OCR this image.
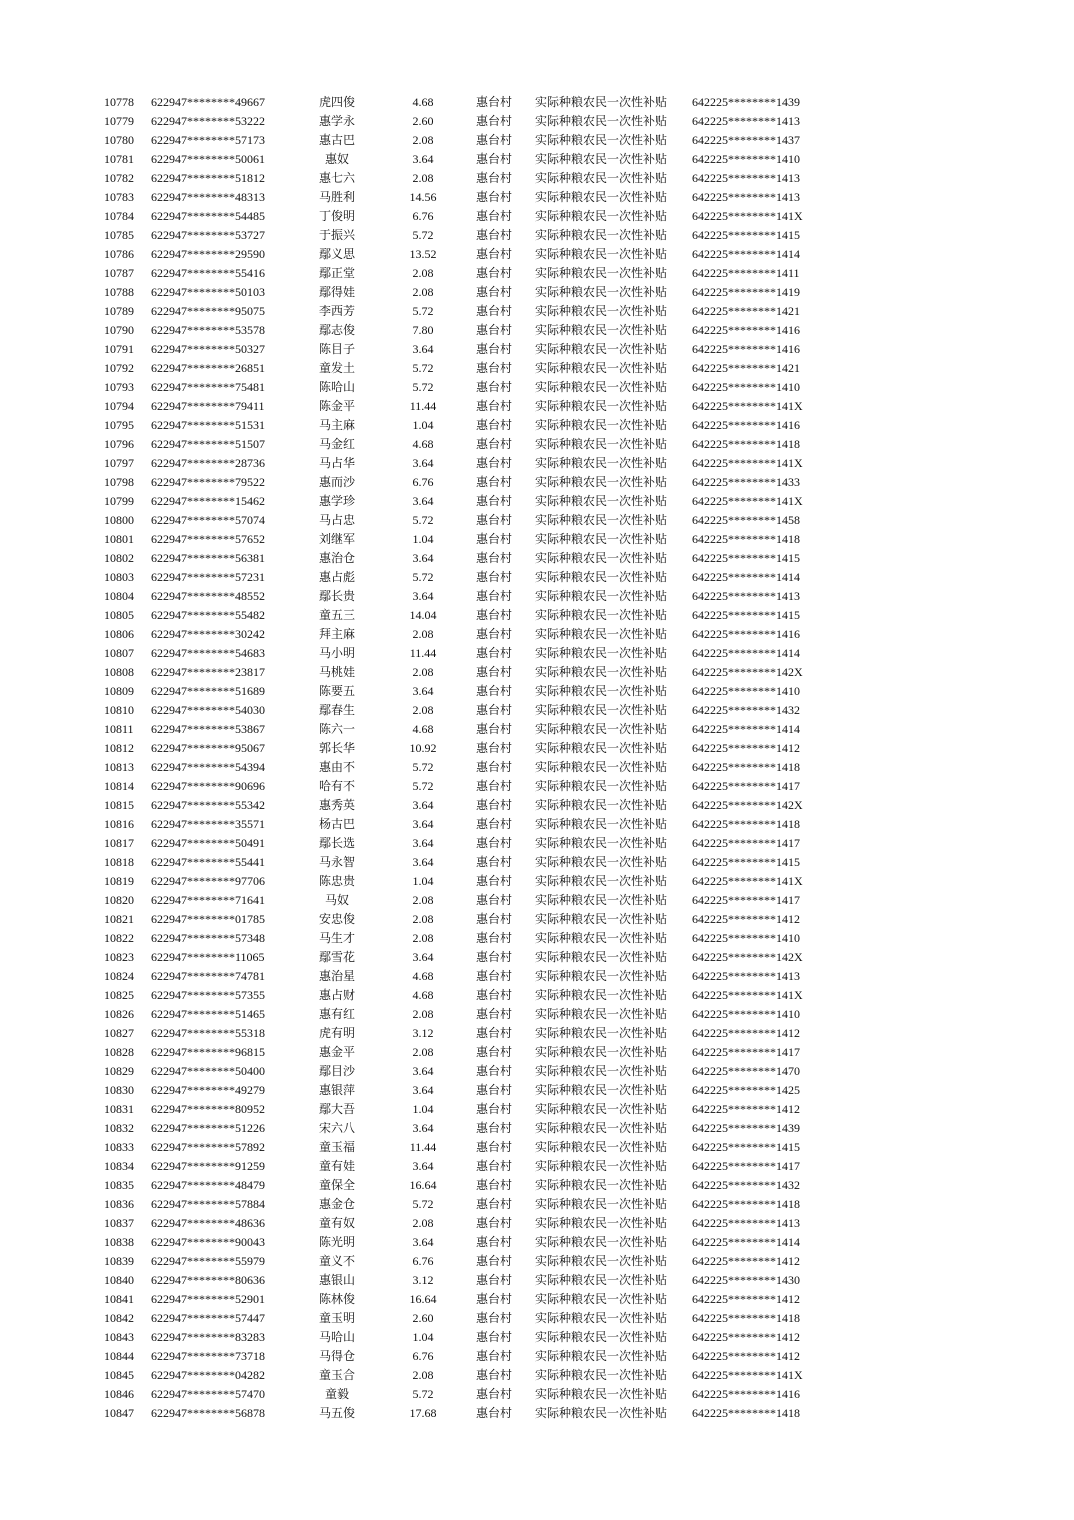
10778	622947********49667	虎四俊	4.68	惠台村	实际种粮农民一次性补贴	642225********1439
10779	622947********53222	惠学永	2.60	惠台村	实际种粮农民一次性补贴	642225********1413
10780	622947********57173	惠古巴	2.08	惠台村	实际种粮农民一次性补贴	642225********1437
10781	622947********50061	惠奴	3.64	惠台村	实际种粮农民一次性补贴	642225********1410
10782	622947********51812	惠七六	2.08	惠台村	实际种粮农民一次性补贴	642225********1413
10783	622947********48313	马胜利	14.56	惠台村	实际种粮农民一次性补贴	642225********1413
10784	622947********54485	丁俊明	6.76	惠台村	实际种粮农民一次性补贴	642225********141X
10785	622947********53727	于振兴	5.72	惠台村	实际种粮农民一次性补贴	642225********1415
10786	622947********29590	鄢义思	13.52	惠台村	实际种粮农民一次性补贴	642225********1414
10787	622947********55416	鄢正堂	2.08	惠台村	实际种粮农民一次性补贴	642225********1411
10788	622947********50103	鄢得娃	2.08	惠台村	实际种粮农民一次性补贴	642225********1419
10789	622947********95075	李西芳	5.72	惠台村	实际种粮农民一次性补贴	642225********1421
10790	622947********53578	鄢志俊	7.80	惠台村	实际种粮农民一次性补贴	642225********1416
10791	622947********50327	陈目子	3.64	惠台村	实际种粮农民一次性补贴	642225********1416
10792	622947********26851	童发土	5.72	惠台村	实际种粮农民一次性补贴	642225********1421
10793	622947********75481	陈哈山	5.72	惠台村	实际种粮农民一次性补贴	642225********1410
10794	622947********79411	陈金平	11.44	惠台村	实际种粮农民一次性补贴	642225********141X
10795	622947********51531	马主麻	1.04	惠台村	实际种粮农民一次性补贴	642225********1416
10796	622947********51507	马金红	4.68	惠台村	实际种粮农民一次性补贴	642225********1418
10797	622947********28736	马占华	3.64	惠台村	实际种粮农民一次性补贴	642225********141X
10798	622947********79522	惠而沙	6.76	惠台村	实际种粮农民一次性补贴	642225********1433
10799	622947********15462	惠学珍	3.64	惠台村	实际种粮农民一次性补贴	642225********141X
10800	622947********57074	马占忠	5.72	惠台村	实际种粮农民一次性补贴	642225********1458
10801	622947********57652	刘继军	1.04	惠台村	实际种粮农民一次性补贴	642225********1418
10802	622947********56381	惠治仓	3.64	惠台村	实际种粮农民一次性补贴	642225********1415
10803	622947********57231	惠占彪	5.72	惠台村	实际种粮农民一次性补贴	642225********1414
10804	622947********48552	鄢长贵	3.64	惠台村	实际种粮农民一次性补贴	642225********1413
10805	622947********55482	童五三	14.04	惠台村	实际种粮农民一次性补贴	642225********1415
10806	622947********30242	拜主麻	2.08	惠台村	实际种粮农民一次性补贴	642225********1416
10807	622947********54683	马小明	11.44	惠台村	实际种粮农民一次性补贴	642225********1414
10808	622947********23817	马桃娃	2.08	惠台村	实际种粮农民一次性补贴	642225********142X
10809	622947********51689	陈要五	3.64	惠台村	实际种粮农民一次性补贴	642225********1410
10810	622947********54030	鄢春生	2.08	惠台村	实际种粮农民一次性补贴	642225********1432
10811	622947********53867	陈六一	4.68	惠台村	实际种粮农民一次性补贴	642225********1414
10812	622947********95067	郭长华	10.92	惠台村	实际种粮农民一次性补贴	642225********1412
10813	622947********54394	惠由不	5.72	惠台村	实际种粮农民一次性补贴	642225********1418
10814	622947********90696	哈有不	5.72	惠台村	实际种粮农民一次性补贴	642225********1417
10815	622947********55342	惠秀英	3.64	惠台村	实际种粮农民一次性补贴	642225********142X
10816	622947********35571	杨古巴	3.64	惠台村	实际种粮农民一次性补贴	642225********1418
10817	622947********50491	鄢长选	3.64	惠台村	实际种粮农民一次性补贴	642225********1417
10818	622947********55441	马永智	3.64	惠台村	实际种粮农民一次性补贴	642225********1415
10819	622947********97706	陈忠贵	1.04	惠台村	实际种粮农民一次性补贴	642225********141X
10820	622947********71641	马奴	2.08	惠台村	实际种粮农民一次性补贴	642225********1417
10821	622947********01785	安忠俊	2.08	惠台村	实际种粮农民一次性补贴	642225********1412
10822	622947********57348	马生才	2.08	惠台村	实际种粮农民一次性补贴	642225********1410
10823	622947********11065	鄢雪花	3.64	惠台村	实际种粮农民一次性补贴	642225********142X
10824	622947********74781	惠治星	4.68	惠台村	实际种粮农民一次性补贴	642225********1413
10825	622947********57355	惠占财	4.68	惠台村	实际种粮农民一次性补贴	642225********141X
10826	622947********51465	惠有红	2.08	惠台村	实际种粮农民一次性补贴	642225********1410
10827	622947********55318	虎有明	3.12	惠台村	实际种粮农民一次性补贴	642225********1412
10828	622947********96815	惠金平	2.08	惠台村	实际种粮农民一次性补贴	642225********1417
10829	622947********50400	鄢目沙	3.64	惠台村	实际种粮农民一次性补贴	642225********1470
10830	622947********49279	惠银萍	3.64	惠台村	实际种粮农民一次性补贴	642225********1425
10831	622947********80952	鄢大吾	1.04	惠台村	实际种粮农民一次性补贴	642225********1412
10832	622947********51226	宋六八	3.64	惠台村	实际种粮农民一次性补贴	642225********1439
10833	622947********57892	童玉福	11.44	惠台村	实际种粮农民一次性补贴	642225********1415
10834	622947********91259	童有娃	3.64	惠台村	实际种粮农民一次性补贴	642225********1417
10835	622947********48479	童保全	16.64	惠台村	实际种粮农民一次性补贴	642225********1432
10836	622947********57884	惠金仓	5.72	惠台村	实际种粮农民一次性补贴	642225********1418
10837	622947********48636	童有奴	2.08	惠台村	实际种粮农民一次性补贴	642225********1413
10838	622947********90043	陈光明	3.64	惠台村	实际种粮农民一次性补贴	642225********1414
10839	622947********55979	童义不	6.76	惠台村	实际种粮农民一次性补贴	642225********1412
10840	622947********80636	惠银山	3.12	惠台村	实际种粮农民一次性补贴	642225********1430
10841	622947********52901	陈林俊	16.64	惠台村	实际种粮农民一次性补贴	642225********1412
10842	622947********57447	童玉明	2.60	惠台村	实际种粮农民一次性补贴	642225********1418
10843	622947********83283	马哈山	1.04	惠台村	实际种粮农民一次性补贴	642225********1412
10844	622947********73718	马得仓	6.76	惠台村	实际种粮农民一次性补贴	642225********1412
10845	622947********04282	童玉合	2.08	惠台村	实际种粮农民一次性补贴	642225********141X
10846	622947********57470	童毅	5.72	惠台村	实际种粮农民一次性补贴	642225********1416
10847	622947********56878	马五俊	17.68	惠台村	实际种粮农民一次性补贴	642225********1418
